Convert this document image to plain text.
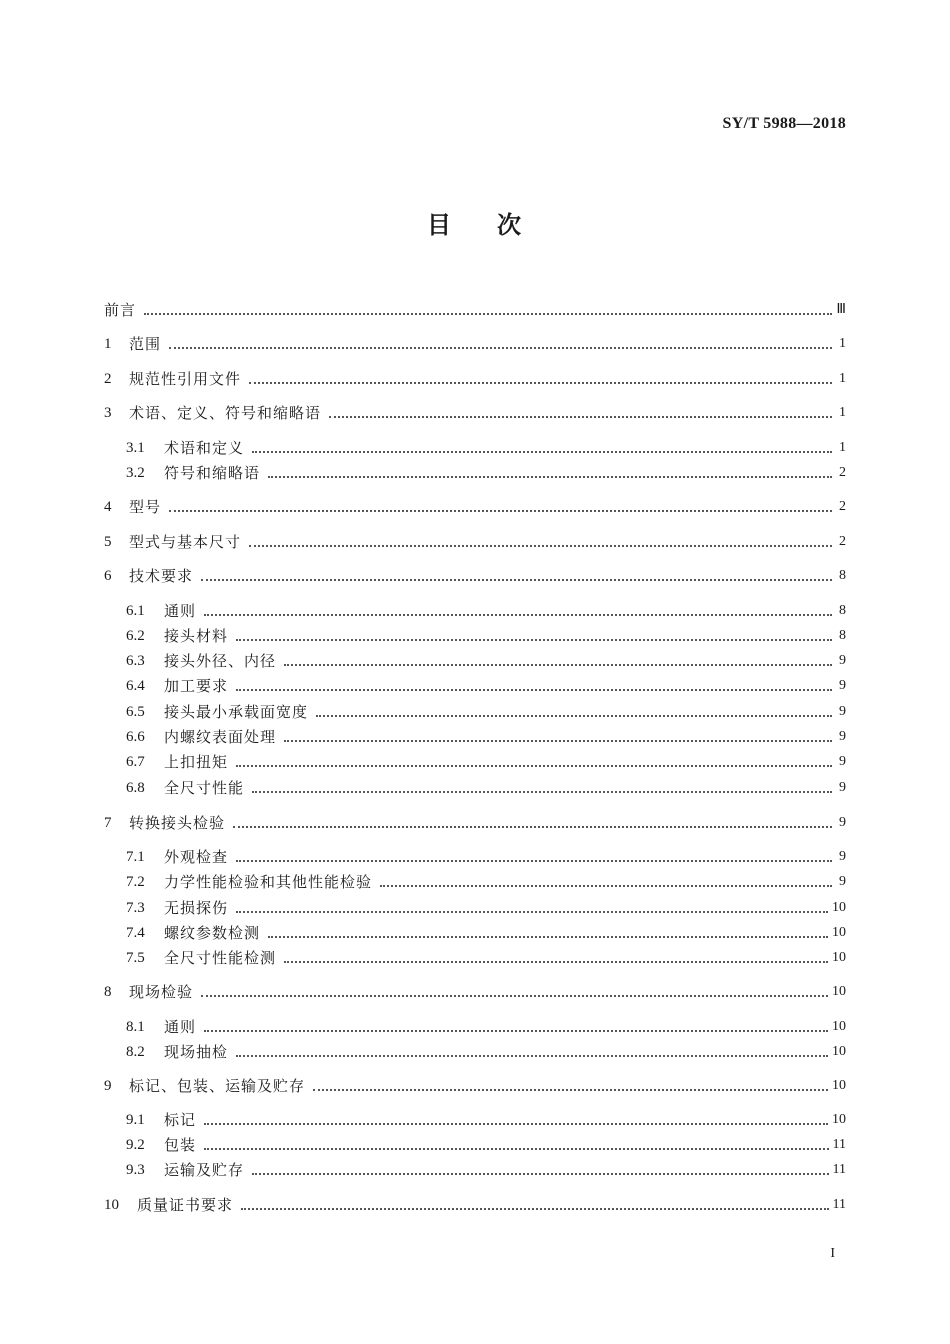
SY/T 5988—2018
目 次
前言	Ⅲ
1	范围	1
2	规范性引用文件	1
3	术语、定义、符号和缩略语	1
3.1	术语和定义	1
3.2	符号和缩略语	2
4	型号	2
5	型式与基本尺寸	2
6	技术要求	8
6.1	通则	8
6.2	接头材料	8
6.3	接头外径、内径	9
6.4	加工要求	9
6.5	接头最小承载面宽度	9
6.6	内螺纹表面处理	9
6.7	上扣扭矩	9
6.8	全尺寸性能	9
7	转换接头检验	9
7.1	外观检查	9
7.2	力学性能检验和其他性能检验	9
7.3	无损探伤	10
7.4	螺纹参数检测	10
7.5	全尺寸性能检测	10
8	现场检验	10
8.1	通则	10
8.2	现场抽检	10
9	标记、包装、运输及贮存	10
9.1	标记	10
9.2	包装	11
9.3	运输及贮存	11
10	质量证书要求	11
I
